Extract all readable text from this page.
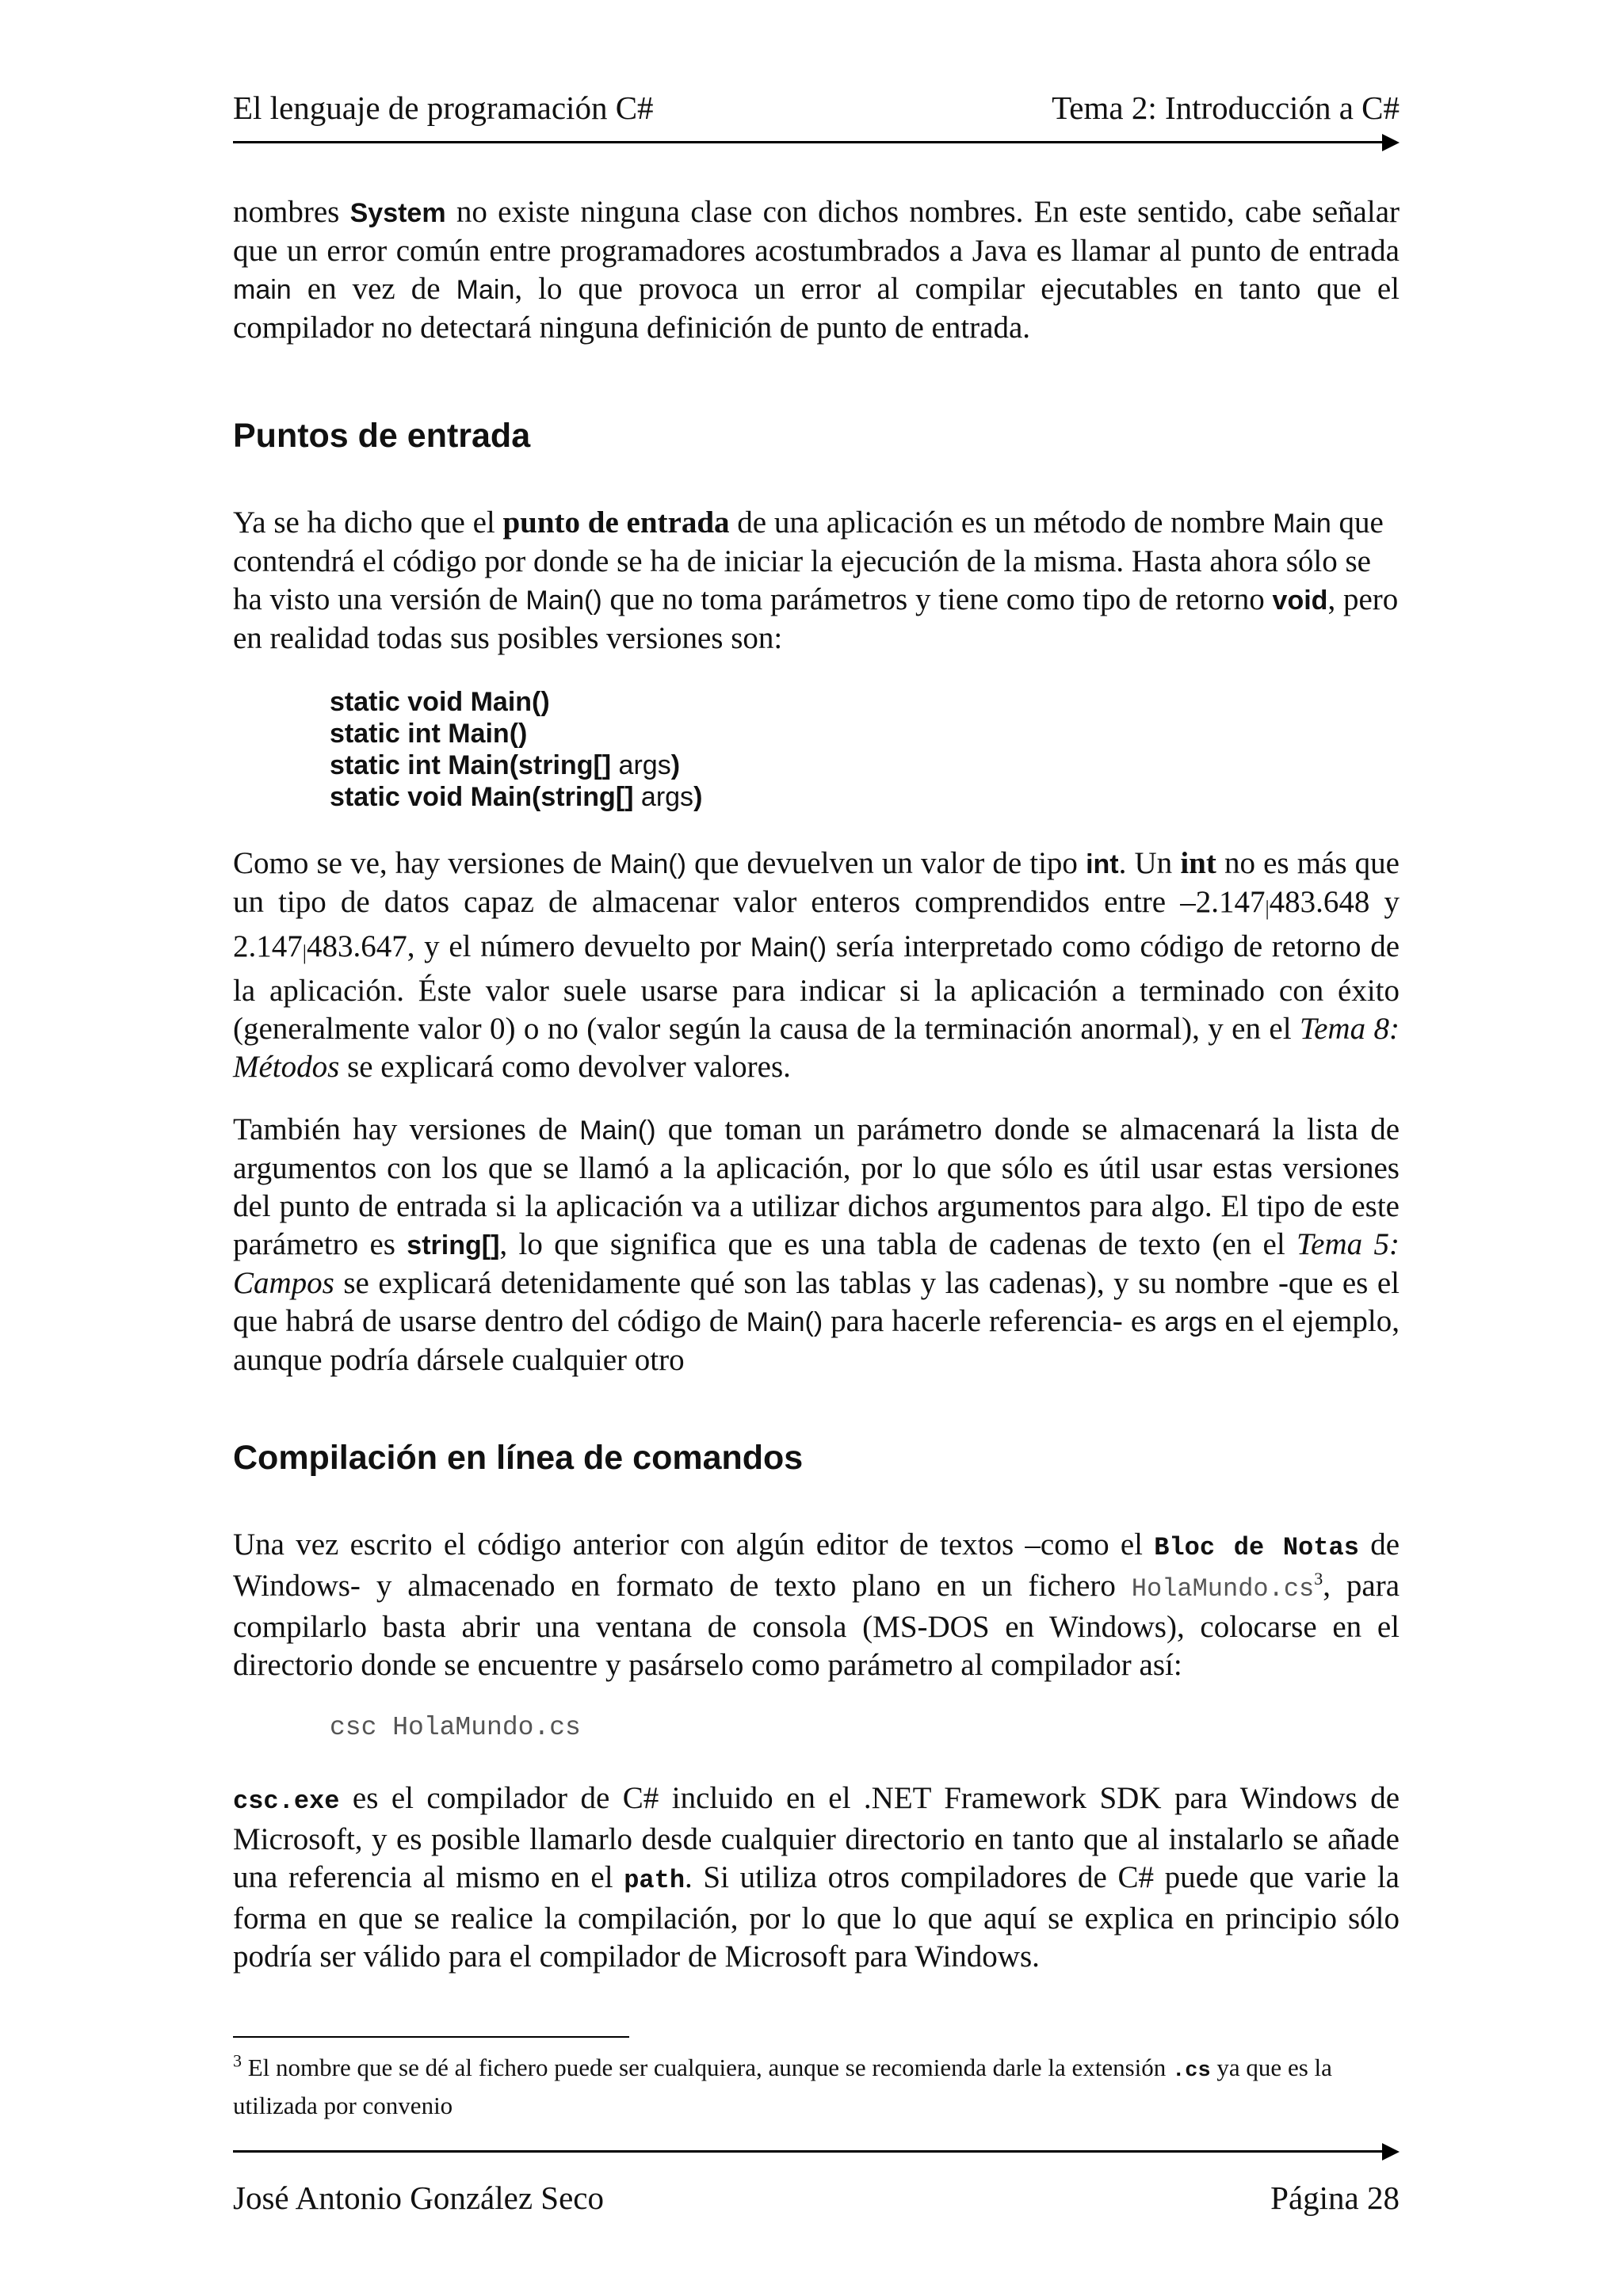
El lenguaje de programación C#	Tema 2: Introducción a C#

nombres System no existe ninguna clase con dichos nombres. En este sentido, cabe señalar que un error común entre programadores acostumbrados a Java es llamar al punto de entrada main en vez de Main, lo que provoca un error al compilar ejecutables en tanto que el compilador no detectará ninguna definición de punto de entrada.

Puntos de entrada

Ya se ha dicho que el punto de entrada de una aplicación es un método de nombre Main que contendrá el código por donde se ha de iniciar la ejecución de la misma. Hasta ahora sólo se ha visto una versión de Main() que no toma parámetros y tiene como tipo de retorno void, pero en realidad todas sus posibles versiones son:

static void Main()
static int Main()
static int Main(string[] args)
static void Main(string[] args)

Como se ve, hay versiones de Main() que devuelven un valor de tipo int. Un int no es más que un tipo de datos capaz de almacenar valor enteros comprendidos entre –2.147|483.648 y 2.147|483.647, y el número devuelto por Main() sería interpretado como código de retorno de la aplicación. Éste valor suele usarse para indicar si la aplicación a terminado con éxito (generalmente valor 0) o no (valor según la causa de la terminación anormal), y en el Tema 8: Métodos se explicará como devolver valores.

También hay versiones de Main() que toman un parámetro donde se almacenará la lista de argumentos con los que se llamó a la aplicación, por lo que sólo es útil usar estas versiones del punto de entrada si la aplicación va a utilizar dichos argumentos para algo. El tipo de este parámetro es string[], lo que significa que es una tabla de cadenas de texto (en el Tema 5: Campos se explicará detenidamente qué son las tablas y las cadenas), y su nombre -que es el que habrá de usarse dentro del código de Main() para hacerle referencia- es args en el ejemplo, aunque podría dársele cualquier otro

Compilación en línea de comandos

Una vez escrito el código anterior con algún editor de textos –como el Bloc de Notas de Windows- y almacenado en formato de texto plano en un fichero $HolaMundo.cs^3$, para compilarlo basta abrir una ventana de consola (MS-DOS en Windows), colocarse en el directorio donde se encuentre y pasárselo como parámetro al compilador así:

csc HolaMundo.cs

csc.exe es el compilador de C# incluido en el .NET Framework SDK para Windows de Microsoft, y es posible llamarlo desde cualquier directorio en tanto que al instalarlo se añade una referencia al mismo en el path. Si utiliza otros compiladores de C# puede que varie la forma en que se realice la compilación, por lo que lo que aquí se explica en principio sólo podría ser válido para el compilador de Microsoft para Windows.

$^3$ El nombre que se dé al fichero puede ser cualquiera, aunque se recomienda darle la extensión .cs ya que es la utilizada por convenio

José Antonio González Seco	Página 28
